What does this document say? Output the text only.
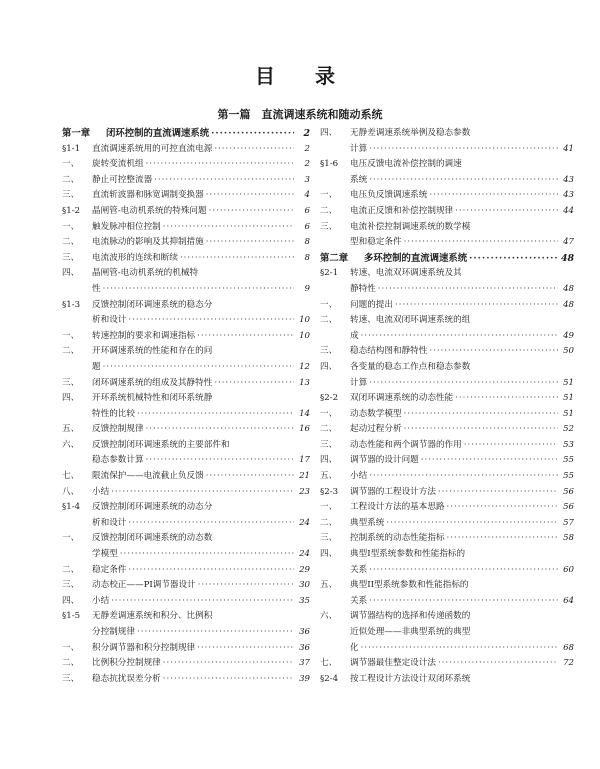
目　录
第一篇　直流调速系统和随动系统
第一章	闭环控制的直流调速系统 ·····	2
§1-1	直流调速系统用的可控直流电源 ·····	2
一、	旋转变流机组 ·····	2
二、	静止可控整流器 ·····	3
三、	直流斩波器和脉宽调制变换器 ·····	4
§1-2	晶闸管-电动机系统的特殊问题 ·····	6
一、	触发脉冲相位控制 ·····	6
二、	电流脉动的影响及其抑制措施 ·····	8
三、	电流波形的连续和断续 ·····	8
四、	晶闸管-电动机系统的机械特
性 ·····	9
§1-3	反馈控制闭环调速系统的稳态分
析和设计 ·····	10
一、	转速控制的要求和调速指标 ·····	10
二、	开环调速系统的性能和存在的问
题 ·····	12
三、	闭环调速系统的组成及其静特性 ·····	13
四、	开环系统机械特性和闭环系统静
特性的比较 ·····	14
五、	反馈控制规律 ·····	16
六、	反馈控制闭环调速系统的主要部件和
稳态参数计算 ·····	17
七、	限流保护——电流截止负反馈 ·····	21
八、	小结 ·····	23
§1-4	反馈控制闭环调速系统的动态分
析和设计 ·····	24
一、	反馈控制闭环调速系统的动态数
学模型 ·····	24
二、	稳定条件 ·····	29
三、	动态校正——PI调节器设计 ·····	30
四、	小结 ·····	35
§1-5	无静差调速系统和积分、比例积
分控制规律 ·····	36
一、	积分调节器和积分控制规律 ·····	36
二、	比例积分控制规律 ·····	37
三、	稳态抗扰误差分析 ·····	39
四、	无静差调速系统举例及稳态参数
计算 ·····	41
§1-6	电压反馈电流补偿控制的调速
系统 ·····	43
一、	电压负反馈调速系统 ·····	43
二、	电流正反馈和补偿控制规律 ·····	44
三、	电流补偿控制调速系统的数学模
型和稳定条件 ·····	47
第二章	多环控制的直流调速系统 ·····	48
§2-1	转速、电流双环调速系统及其
静特性 ·····	48
一、	问题的提出 ·····	48
二、	转速、电流双闭环调速系统的组
成 ·····	49
三、	稳态结构图和静特性 ·····	50
四、	各变量的稳态工作点和稳态参数
计算 ·····	51
§2-2	双闭环调速系统的动态性能 ·····	51
一、	动态数学模型 ·····	51
二、	起动过程分析 ·····	52
三、	动态性能和两个调节器的作用 ·····	53
四、	调节器的设计问题 ·····	55
五、	小结 ·····	55
§2-3	调节器的工程设计方法 ·····	56
一、	工程设计方法的基本思路 ·····	56
二、	典型系统 ·····	57
三、	控制系统的动态性能指标 ·····	58
四、	典型I型系统参数和性能指标的
关系 ·····	60
五、	典型II型系统参数和性能指标的
关系 ·····	64
六、	调节器结构的选择和传递函数的
近似处理——非典型系统的典型
化 ·····	68
七、	调节器最佳整定设计法 ·····	72
§2-4	按工程设计方法设计双闭环系统
